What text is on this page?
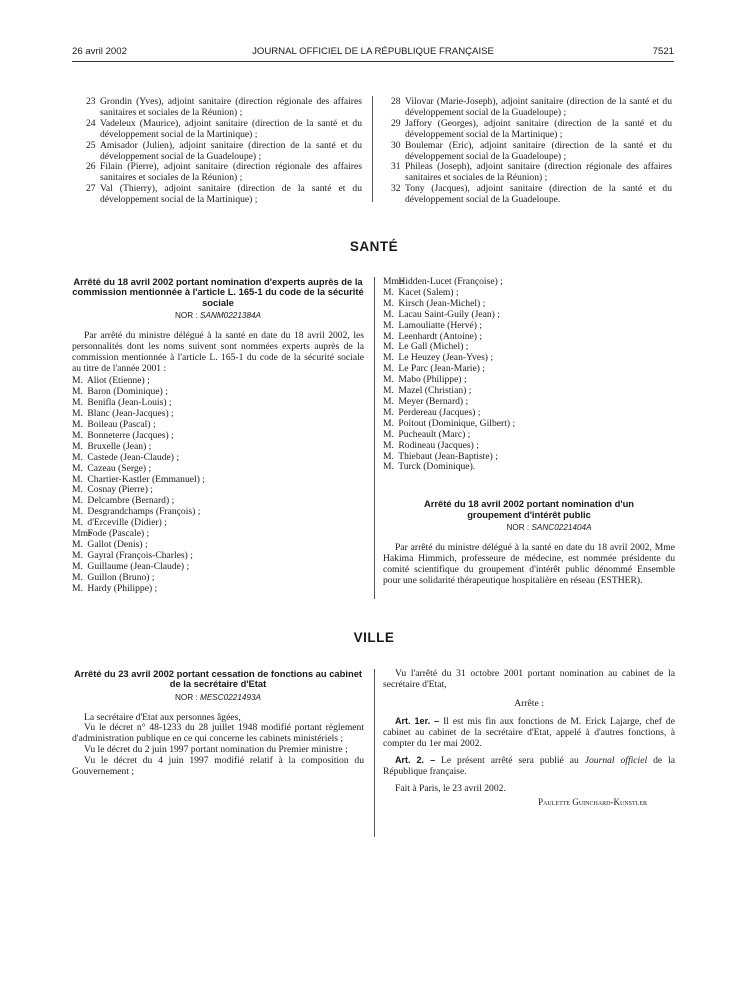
26 avril 2002	JOURNAL OFFICIEL DE LA RÉPUBLIQUE FRANÇAISE	7521
23 Grondin (Yves), adjoint sanitaire (direction régionale des affaires sanitaires et sociales de la Réunion) ;
24 Vadeleux (Maurice), adjoint sanitaire (direction de la santé et du développement social de la Martinique) ;
25 Amisador (Julien), adjoint sanitaire (direction de la santé et du développement social de la Guadeloupe) ;
26 Filain (Pierre), adjoint sanitaire (direction régionale des affaires sanitaires et sociales de la Réunion) ;
27 Val (Thierry), adjoint sanitaire (direction de la santé et du développement social de la Martinique) ;
28 Vilovar (Marie-Joseph), adjoint sanitaire (direction de la santé et du développement social de la Guadeloupe) ;
29 Jaffory (Georges), adjoint sanitaire (direction de la santé et du développement social de la Martinique) ;
30 Boulemar (Eric), adjoint sanitaire (direction de la santé et du développement social de la Guadeloupe) ;
31 Phileas (Joseph), adjoint sanitaire (direction régionale des affaires sanitaires et sociales de la Réunion) ;
32 Tony (Jacques), adjoint sanitaire (direction de la santé et du développement social de la Guadeloupe.
SANTÉ
Arrêté du 18 avril 2002 portant nomination d'experts auprès de la commission mentionnée à l'article L. 165-1 du code de la sécurité sociale
NOR : SANM0221384A
Par arrêté du ministre délégué à la santé en date du 18 avril 2002, les personnalités dont les noms suivent sont nommées experts auprès de la commission mentionnée à l'article L. 165-1 du code de la sécurité sociale au titre de l'année 2001 :
M. Aliot (Etienne) ;
M. Baron (Dominique) ;
M. Benifla (Jean-Louis) ;
M. Blanc (Jean-Jacques) ;
M. Boileau (Pascal) ;
M. Bonneterre (Jacques) ;
M. Bruxelle (Jean) ;
M. Castede (Jean-Claude) ;
M. Cazeau (Serge) ;
M. Chartier-Kastler (Emmanuel) ;
M. Cosnay (Pierre) ;
M. Delcambre (Bernard) ;
M. Desgrandchamps (François) ;
M. d'Erceville (Didier) ;
Mme Fode (Pascale) ;
M. Gallot (Denis) ;
M. Gayral (François-Charles) ;
M. Guillaume (Jean-Claude) ;
M. Guillon (Bruno) ;
M. Hardy (Philippe) ;
Mme Hidden-Lucet (Françoise) ;
M. Kacet (Salem) ;
M. Kirsch (Jean-Michel) ;
M. Lacau Saint-Guily (Jean) ;
M. Lamouliatte (Hervé) ;
M. Leenhardt (Antoine) ;
M. Le Gall (Michel) ;
M. Le Heuzey (Jean-Yves) ;
M. Le Parc (Jean-Marie) ;
M. Mabo (Philippe) ;
M. Mazel (Christian) ;
M. Meyer (Bernard) ;
M. Perdereau (Jacques) ;
M. Poitout (Dominique, Gilbert) ;
M. Pucheault (Marc) ;
M. Rodineau (Jacques) ;
M. Thiebaut (Jean-Baptiste) ;
M. Turck (Dominique).
Arrêté du 18 avril 2002 portant nomination d'un groupement d'intérêt public
NOR : SANC0221404A
Par arrêté du ministre délégué à la santé en date du 18 avril 2002, Mme Hakima Himmich, professeure de médecine, est nommée présidente du comité scientifique du groupement d'intérêt public dénommé Ensemble pour une solidarité thérapeutique hospitalière en réseau (ESTHER).
VILLE
Arrêté du 23 avril 2002 portant cessation de fonctions au cabinet de la secrétaire d'Etat
NOR : MESC0221493A
La secrétaire d'Etat aux personnes âgées,
Vu le décret n° 48-1233 du 28 juillet 1948 modifié portant règlement d'administration publique en ce qui concerne les cabinets ministériels ;
Vu le décret du 2 juin 1997 portant nomination du Premier ministre ;
Vu le décret du 4 juin 1997 modifié relatif à la composition du Gouvernement ;
Vu l'arrêté du 31 octobre 2001 portant nomination au cabinet de la secrétaire d'Etat,
Arrête :
Art. 1er. – Il est mis fin aux fonctions de M. Erick Lajarge, chef de cabinet au cabinet de la secrétaire d'Etat, appelé à d'autres fonctions, à compter du 1er mai 2002.
Art. 2. – Le présent arrêté sera publié au Journal officiel de la République française.
Fait à Paris, le 23 avril 2002.
Paulette Guinchard-Kunstler
